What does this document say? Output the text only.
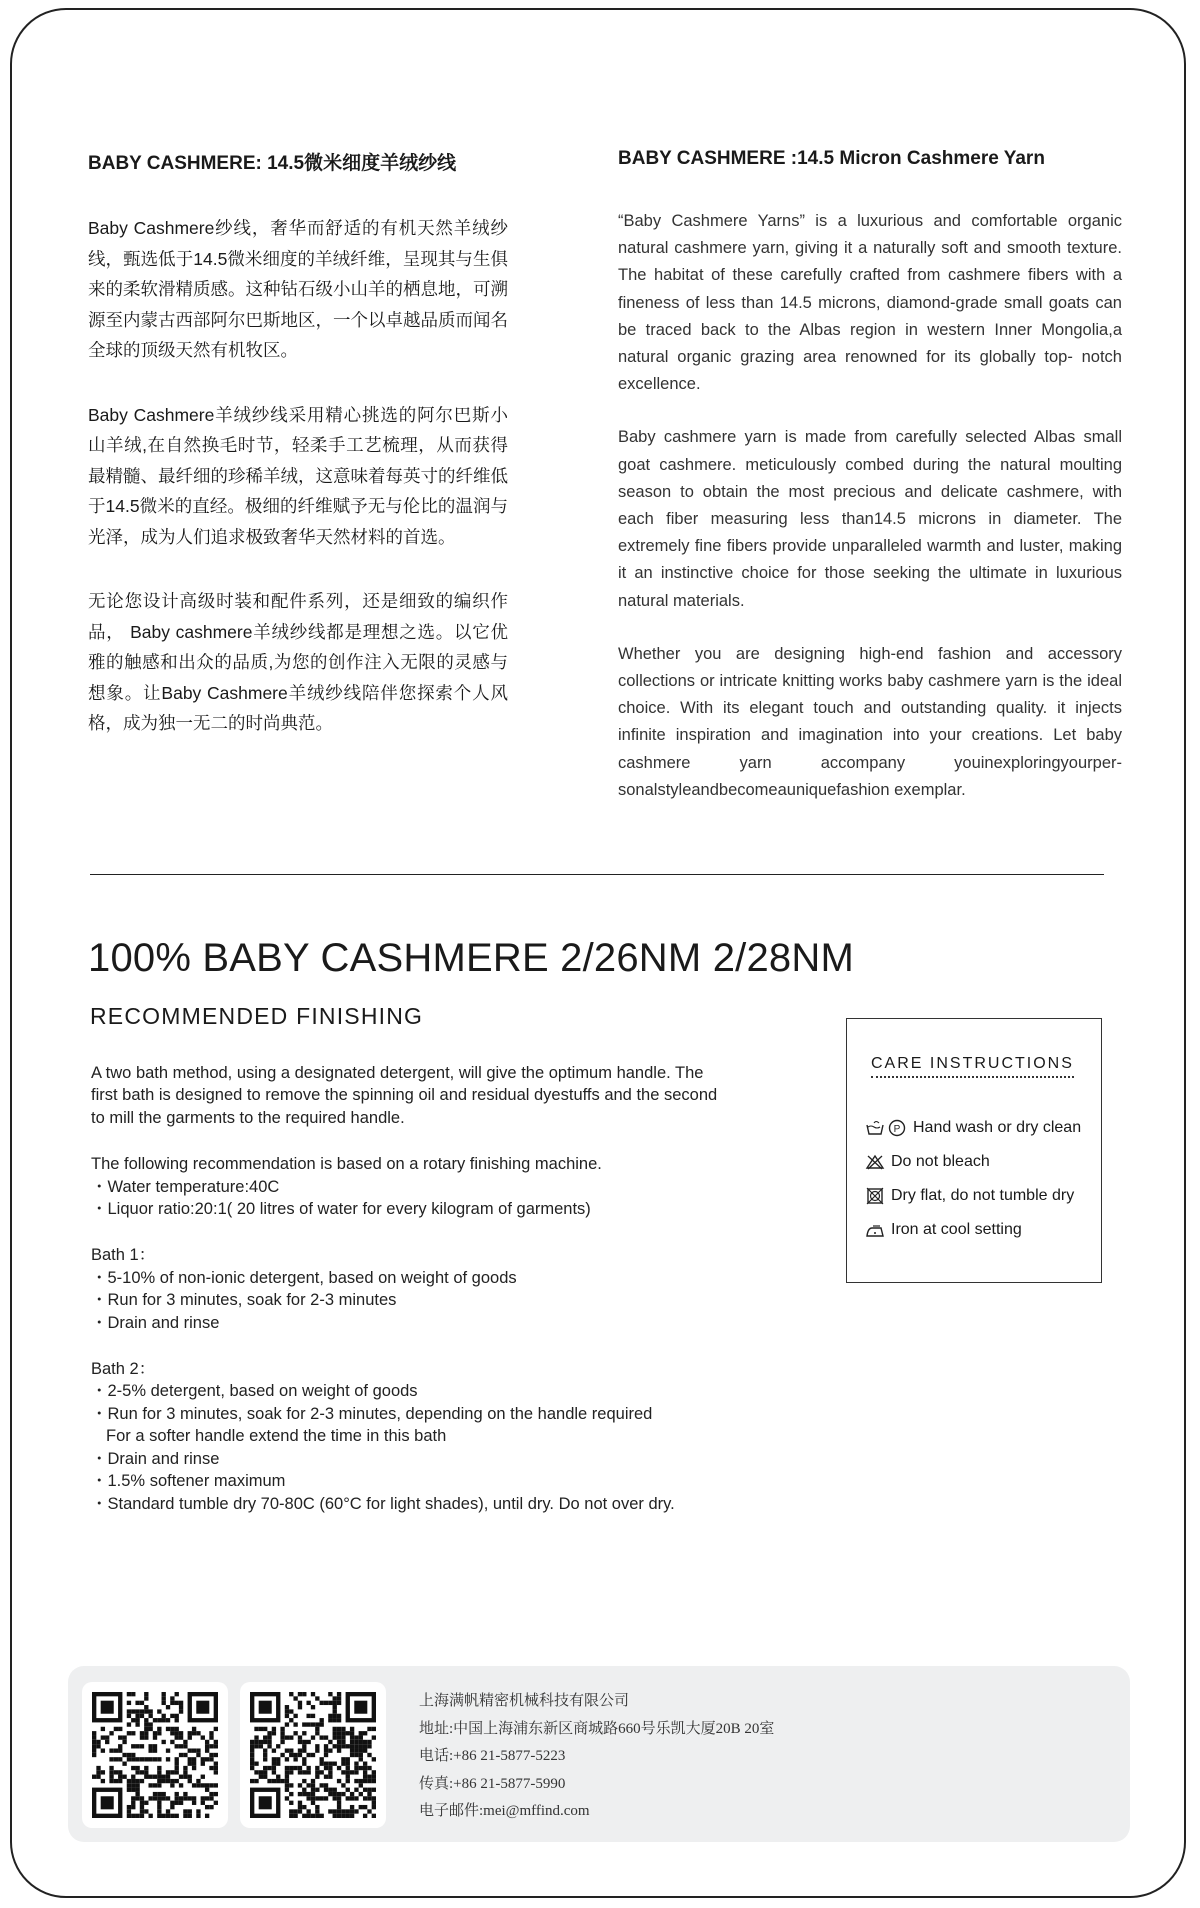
BABY CASHMERE: 14.5微米细度羊绒纱线

Baby Cashmere纱线，奢华而舒适的有机天然羊绒纱线，甄选低于14.5微米细度的羊绒纤维，呈现其与生俱来的柔软滑精质感。这种钻石级小山羊的栖息地，可溯源至内蒙古西部阿尔巴斯地区，一个以卓越品质而闻名全球的顶级天然有机牧区。

Baby Cashmere羊绒纱线采用精心挑选的阿尔巴斯小山羊绒,在自然换毛时节，轻柔手工艺梳理，从而获得最精髓、最纤细的珍稀羊绒，这意味着每英寸的纤维低于14.5微米的直经。极细的纤维赋予无与伦比的温润与光泽，成为人们追求极致奢华天然材料的首选。

无论您设计高级时装和配件系列，还是细致的编织作品， Baby cashmere羊绒纱线都是理想之选。以它优雅的触感和出众的品质,为您的创作注入无限的灵感与想象。让Baby Cashmere羊绒纱线陪伴您探索个人风格，成为独一无二的时尚典范。

BABY CASHMERE :14.5 Micron Cashmere Yarn

“Baby Cashmere Yarns” is a luxurious and comfortable organic natural cashmere yarn, giving it a naturally soft and smooth texture. The habitat of these carefully crafted from cashmere fibers with a fineness of less than 14.5 microns, diamond-grade small goats can be traced back to the Albas region in western Inner Mongolia,a natural organic grazing area renowned for its globally top- notch excellence.

Baby cashmere yarn is made from carefully selected Albas small goat cashmere. meticulously combed during the natural moulting season to obtain the most precious and delicate cashmere, with each fiber measuring less than14.5 microns in diameter. The extremely fine fibers provide unparalleled warmth and luster, making it an instinctive choice for those seeking the ultimate in luxurious natural materials.

Whether you are designing high-end fashion and accessory collections or intricate knitting works baby cashmere yarn is the ideal choice. With its elegant touch and outstanding quality. it injects infinite inspiration and imagination into your creations. Let baby cashmere yarn accompany youinexploringyourper-sonalstyleandbecomeauniquefashion exemplar.

100% BABY CASHMERE 2/26NM 2/28NM
RECOMMENDED FINISHING

A two bath method, using a designated detergent, will give the optimum handle. The

first bath is designed to remove the spinning oil and residual dyestuffs and the second

to mill the garments to the required handle.

The following recommendation is based on a rotary finishing machine.

・Water temperature:40C

・Liquor ratio:20:1( 20 litres of water for every kilogram of garments)

Bath 1：

・5-10% of non-ionic detergent, based on weight of goods

・Run for 3 minutes, soak for 2-3 minutes

・Drain and rinse

Bath 2：

・2-5% detergent, based on weight of goods

・Run for 3 minutes, soak for 2-3 minutes, depending on the handle required

For a softer handle extend the time in this bath

・Drain and rinse

・1.5% softener maximum

・Standard tumble dry 70-80C (60°C for light shades), until dry. Do not over dry.

CARE INSTRUCTIONS
P Hand wash or dry clean
Do not bleach
Dry flat, do not tumble dry
Iron at cool setting
上海满帆精密机械科技有限公司
地址:中国上海浦东新区商城路660号乐凯大厦20B 20室
电话:+86 21-5877-5223
传真:+86 21-5877-5990
电子邮件:mei@mffind.com
